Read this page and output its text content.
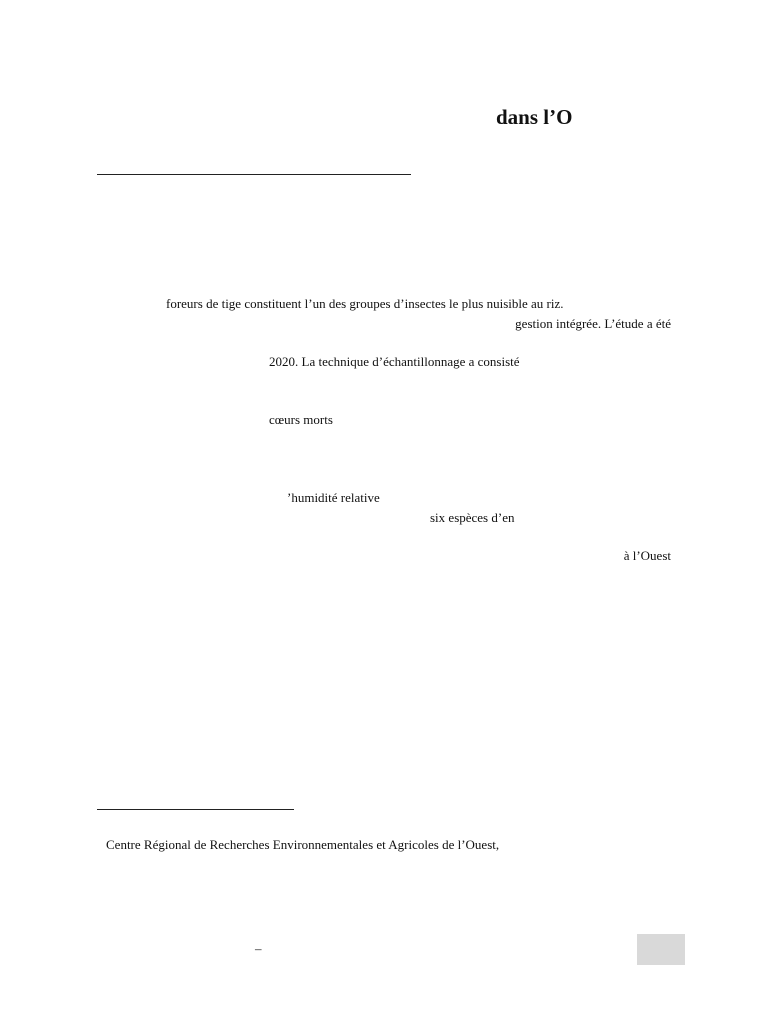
dans l’O
foreurs de tige constituent l’un des groupes d’insectes le plus nuisible au riz.
gestion intégrée. L’étude a été
2020. La technique d’échantillonnage a consisté
cœurs morts
’humidité relative
six espèces d’en
à l’Ouest
Centre Régional de Recherches Environnementales et Agricoles de l’Ouest,
–
